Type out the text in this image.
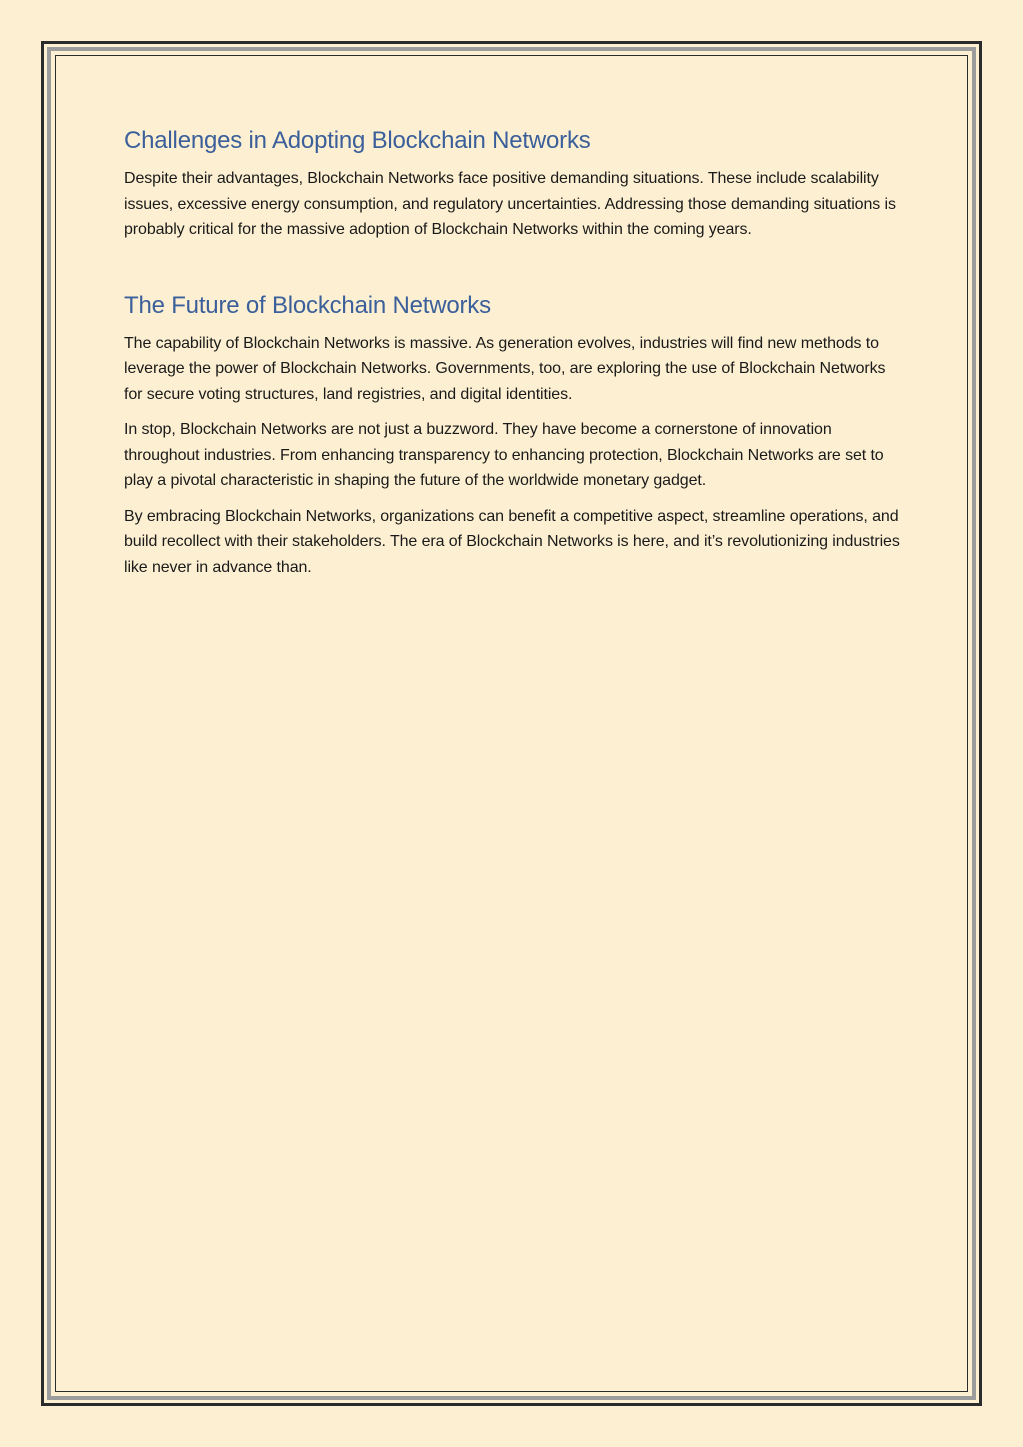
Challenges in Adopting Blockchain Networks

Despite their advantages, Blockchain Networks face positive demanding situations. These include scalability issues, excessive energy consumption, and regulatory uncertainties. Addressing those demanding situations is probably critical for the massive adoption of Blockchain Networks within the coming years.

The Future of Blockchain Networks

The capability of Blockchain Networks is massive. As generation evolves, industries will find new methods to leverage the power of Blockchain Networks. Governments, too, are exploring the use of Blockchain Networks for secure voting structures, land registries, and digital identities.

In stop, Blockchain Networks are not just a buzzword. They have become a cornerstone of innovation throughout industries. From enhancing transparency to enhancing protection, Blockchain Networks are set to play a pivotal characteristic in shaping the future of the worldwide monetary gadget.

By embracing Blockchain Networks, organizations can benefit a competitive aspect, streamline operations, and build recollect with their stakeholders. The era of Blockchain Networks is here, and it’s revolutionizing industries like never in advance than.
